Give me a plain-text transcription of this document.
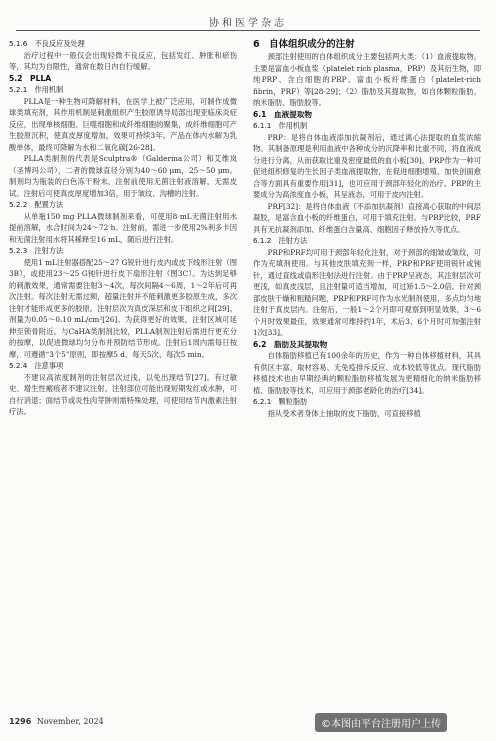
协和医学杂志

5.1.6　不良反应及处理

治疗过程中一般仅会出现轻微不良反应，包括发红、肿胀和瘀伤等，其均为自限性，通常在数日内自行缓解。

5.2　PLLA

5.2.1　作用机制

PLLA是一种生物可降解材料，在医学上被广泛应用，可制作成微球类填充剂，其作用机制是刺激组织产生胶原诱导局部出现亚临床炎症反应，出现单核细胞、巨噬细胞和成纤维细胞的聚集，成纤维细胞可产生胶原沉积，使真皮厚度增加，效果可持续3年。产品在体内水解为乳酸单体，最终可降解为水和二氧化碳[26-28]。

PLLA类制剂的代表是Sculptra®（Galderma公司）和艾维岚（圣博玛公司），二者的微球直径分别为40～60 μm，25～50 μm。制剂均为瓶装的白色冻干粉末，注射前使用无菌注射液溶解，无需皮试。注射后可使真皮厚度增加3倍，用于皱纹、沟槽的注射。

5.2.2　配置方法

从单瓶150 mg PLLA微球制剂来看，可使用8 mL无菌注射用水提前溶解，水合时间为24～72 h。注射前，需进一步使用2%利多卡因和无菌注射用水将其稀释至16 mL，随后进行注射。

5.2.3　注射方法

使用1 mL注射器搭配25～27 G锐针进行皮内或皮下线形注射（图3B），或使用23～25 G钝针进行皮下扇形注射（图3C）。为达到足够的刺激效果，通常需要注射3～4次，每次间隔4～6周，1～2年后可再次注射。每次注射无需过频，超量注射并不能刺激更多胶原生成，多次注射才能形成更多的胶原。注射层次为真皮深层和皮下组织之间[29]，剂量为0.05～0.10 mL/cm²[26]。为获得更好的效果，注射区域可延伸至锁骨附近。与CaHA类制剂比较，PLLA制剂注射后需进行更充分的按摩，以促进微球均匀分布并预防结节形成。注射后1周内需每日按摩，可遵循“3个5”原则，即按摩5 d、每天5次、每次5 min。

5.2.4　注意事项

不建议高浓度制剂的注射层次过浅，以免出现结节[27]。有过敏史、增生性瘢痕者不建议注射。注射部位可能出现短期发红或水肿，可自行消退；面结节或炎性肉芽肿则需特殊处理，可使用结节内激素注射疗法。

6　自体组织成分的注射

颈部注射使用的自体组织成分主要包括两大类：（1）血液提取物，主要是富血小板血浆（platelet rich plasma，PRP）及其衍生物，即纯PRP、含白细胞的PRP、富血小板纤维蛋白（platelet-rich fibrin，PRF）等[28-29]；（2）脂肪及其提取物，如自体颗粒脂肪、纳米脂肪、脂肪胶等。

6.1　血液提取物

6.1.1　作用机制

PRP：是将自体血液添加抗凝剂后，通过离心法提取的血浆浓缩物。其制备原理是利用血液中各种成分的沉降率和比重不同，将血液成分进行分离，从而获取比重及密度最低的血小板[30]。PRP作为一种可促进组织修复的生长因子类血液提取物，在促进细胞增殖、加快创面愈合等方面具有重要作用[31]，也可应用于颈部年轻化的治疗。PRP的主要成分为高浓度血小板，其呈液态，可用于皮内注射。

PRF[32]：是将自体血液（不添加抗凝剂）直接离心获取的中间层凝胶，是富含血小板的纤维蛋白，可用于填充注射。与PRP比较，PRF具有无抗凝剂添加、纤维蛋白含量高、细胞因子释放持久等优点。

6.1.2　注射方法

PRP和PRF均可用于颈部年轻化注射，对于颈部的细皱或皱纹，可作为充填剂使用。与其他皮肤填充剂一样，PRP和PRF使用锐针或钝针，通过直线或扇形注射法进行注射。由于PRP呈液态，其注射层次可更浅，如真皮浅层，且注射量可适当增加，可过矫1.5～2.0倍。针对颈部皮肤干燥和粗糙问题，PRP和PRF可作为水光制剂使用，多点均匀地注射于真皮层内。注射后，一般1～2个月即可观察到明显效果，3～6个月时效果最佳，效果通常可维持约1年，术后3、6个月时可加强注射1次[33]。

6.2　脂肪及其提取物

自体脂肪移植已有100余年的历史，作为一种自体移植材料，其具有供区丰富、取材容易、无免疫排斥反应、成本较低等优点。现代脂肪移植技术也由早期经典的颗粒脂肪移植发展为更精细化的纳米脂肪移植、脂肪胶等技术，可应用于颈部老龄化的治疗[34]。

6.2.1　颗粒脂肪

指从受术者身体上抽取的皮下脂肪，可直接移植

1296 November, 2024	©本图由平台注册用户上传
